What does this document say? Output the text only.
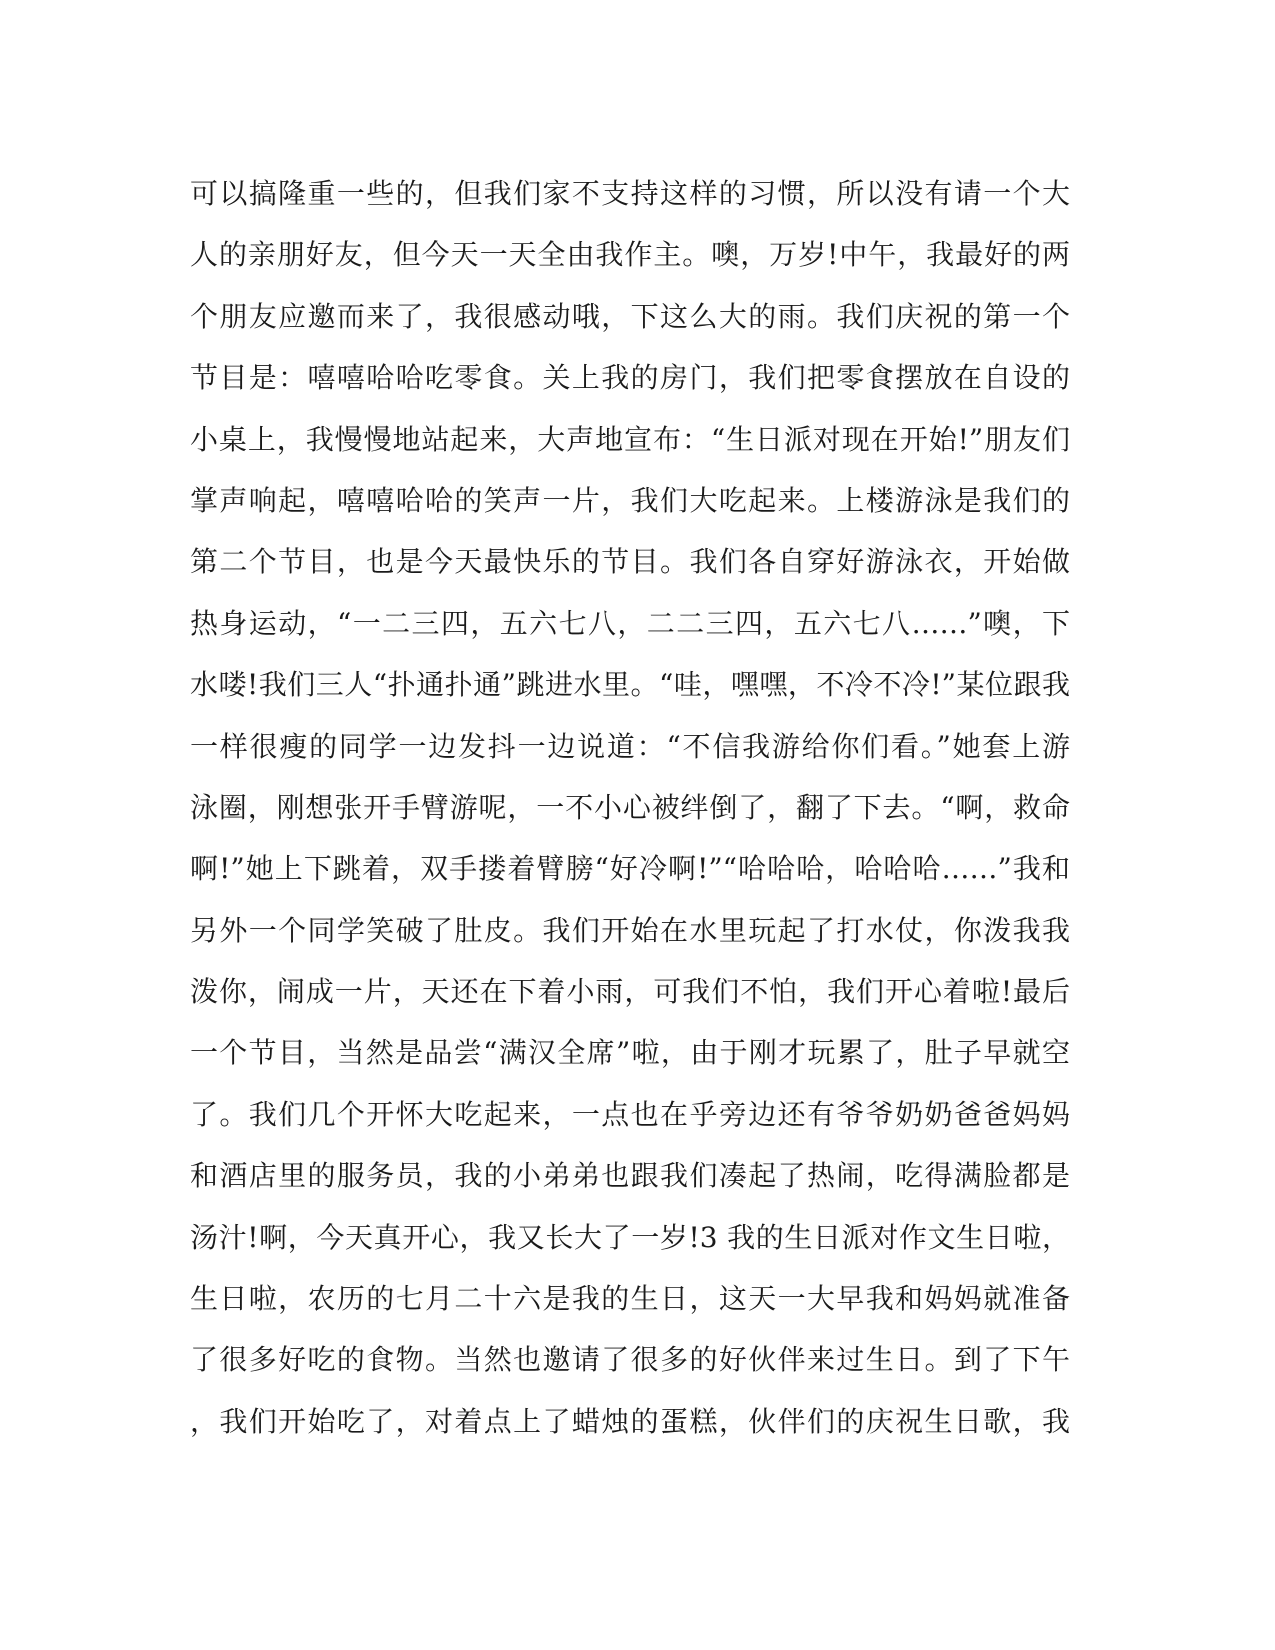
可以搞隆重一些的，但我们家不支持这样的习惯，所以没有请一个大
人的亲朋好友，但今天一天全由我作主。噢，万岁!中午，我最好的两
个朋友应邀而来了，我很感动哦，下这么大的雨。我们庆祝的第一个
节目是：嘻嘻哈哈吃零食。关上我的房门，我们把零食摆放在自设的
小桌上，我慢慢地站起来，大声地宣布：“生日派对现在开始!”朋友们
掌声响起，嘻嘻哈哈的笑声一片，我们大吃起来。上楼游泳是我们的
第二个节目，也是今天最快乐的节目。我们各自穿好游泳衣，开始做
热身运动，“一二三四，五六七八，二二三四，五六七八……”噢，下
水喽!我们三人“扑通扑通”跳进水里。“哇，嘿嘿，不冷不冷!”某位跟我
一样很瘦的同学一边发抖一边说道：“不信我游给你们看。”她套上游
泳圈，刚想张开手臂游呢，一不小心被绊倒了，翻了下去。“啊，救命
啊!”她上下跳着，双手搂着臂膀“好冷啊!”“哈哈哈，哈哈哈……”我和
另外一个同学笑破了肚皮。我们开始在水里玩起了打水仗，你泼我我
泼你，闹成一片，天还在下着小雨，可我们不怕，我们开心着啦!最后
一个节目，当然是品尝“满汉全席”啦，由于刚才玩累了，肚子早就空
了。我们几个开怀大吃起来，一点也在乎旁边还有爷爷奶奶爸爸妈妈
和酒店里的服务员，我的小弟弟也跟我们凑起了热闹，吃得满脸都是
汤汁!啊，今天真开心，我又长大了一岁!3 我的生日派对作文生日啦，
生日啦，农历的七月二十六是我的生日，这天一大早我和妈妈就准备
了很多好吃的食物。当然也邀请了很多的好伙伴来过生日。到了下午
，我们开始吃了，对着点上了蜡烛的蛋糕，伙伴们的庆祝生日歌，我
